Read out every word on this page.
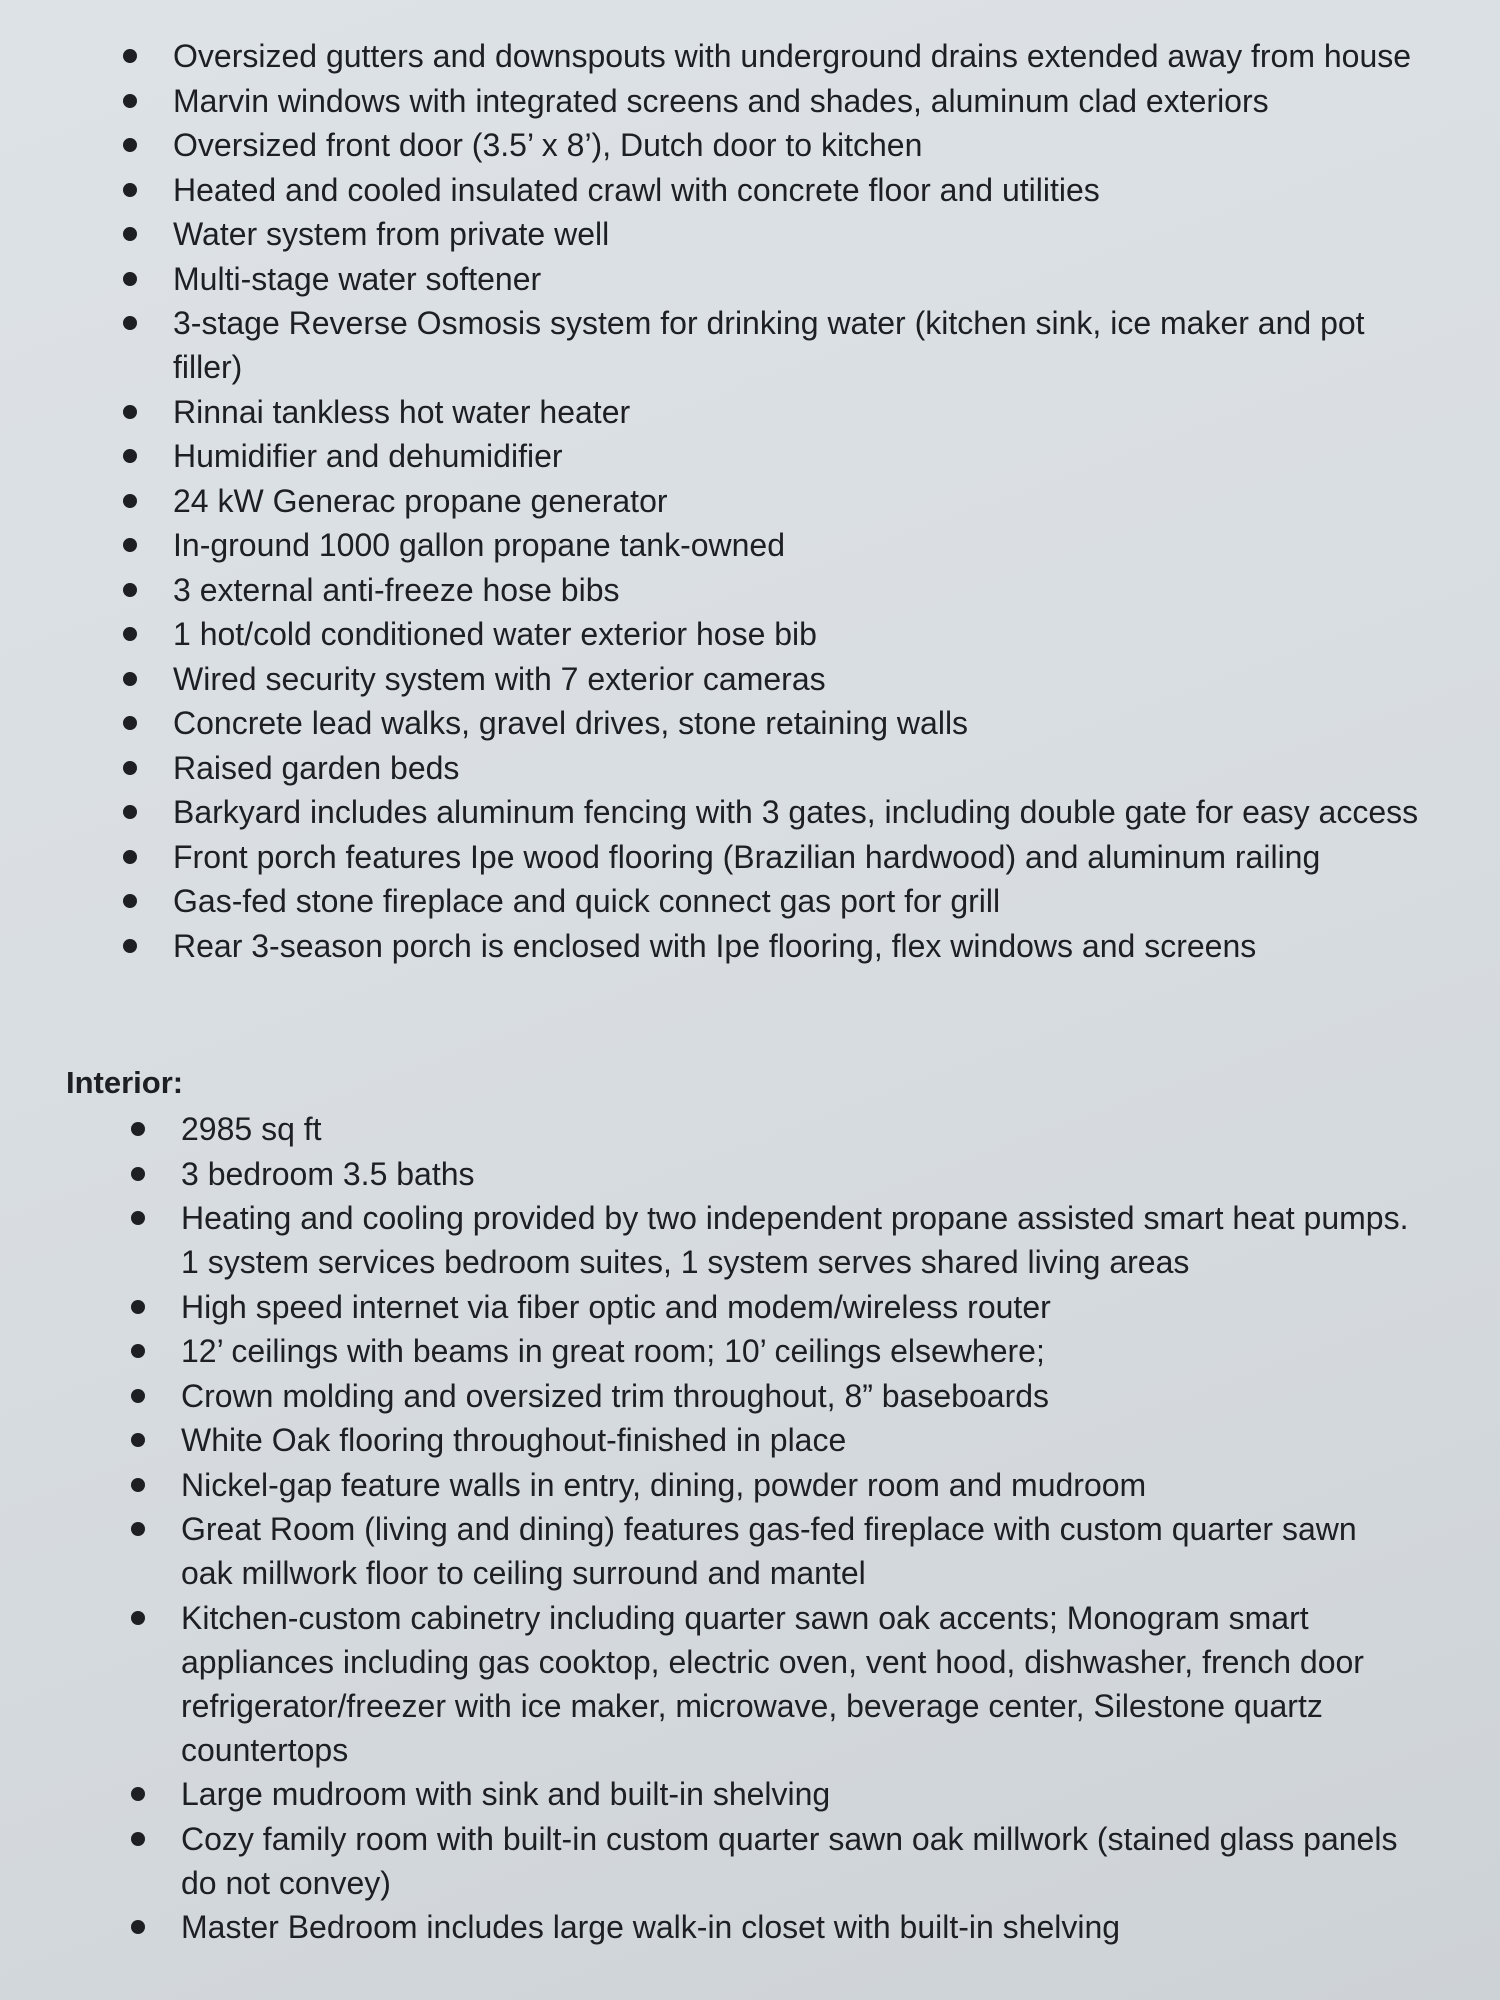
Oversized gutters and downspouts with underground drains extended away from house
Marvin windows with integrated screens and shades, aluminum clad exteriors
Oversized front door (3.5’ x 8’), Dutch door to kitchen
Heated and cooled insulated crawl with concrete floor and utilities
Water system from private well
Multi-stage water softener
3-stage Reverse Osmosis system for drinking water (kitchen sink, ice maker and pot filler)
Rinnai tankless hot water heater
Humidifier and dehumidifier
24 kW Generac propane generator
In-ground 1000 gallon propane tank-owned
3 external anti-freeze hose bibs
1 hot/cold conditioned water exterior hose bib
Wired security system with 7 exterior cameras
Concrete lead walks, gravel drives, stone retaining walls
Raised garden beds
Barkyard includes aluminum fencing with 3 gates, including double gate for easy access
Front porch features Ipe wood flooring (Brazilian hardwood) and aluminum railing
Gas-fed stone fireplace and quick connect gas port for grill
Rear 3-season porch is enclosed with Ipe flooring, flex windows and screens
Interior:
2985 sq ft
3 bedroom 3.5 baths
Heating and cooling provided by two independent propane assisted smart heat pumps. 1 system services bedroom suites, 1 system serves shared living areas
High speed internet via fiber optic and modem/wireless router
12’ ceilings with beams in great room; 10’ ceilings elsewhere;
Crown molding and oversized trim throughout, 8” baseboards
White Oak flooring throughout-finished in place
Nickel-gap feature walls in entry, dining, powder room and mudroom
Great Room (living and dining) features gas-fed fireplace with custom quarter sawn oak millwork floor to ceiling surround and mantel
Kitchen-custom cabinetry including quarter sawn oak accents; Monogram smart appliances including gas cooktop, electric oven, vent hood, dishwasher, french door refrigerator/freezer with ice maker, microwave, beverage center, Silestone quartz countertops
Large mudroom with sink and built-in shelving
Cozy family room with built-in custom quarter sawn oak millwork (stained glass panels do not convey)
Master Bedroom includes large walk-in closet with built-in shelving
